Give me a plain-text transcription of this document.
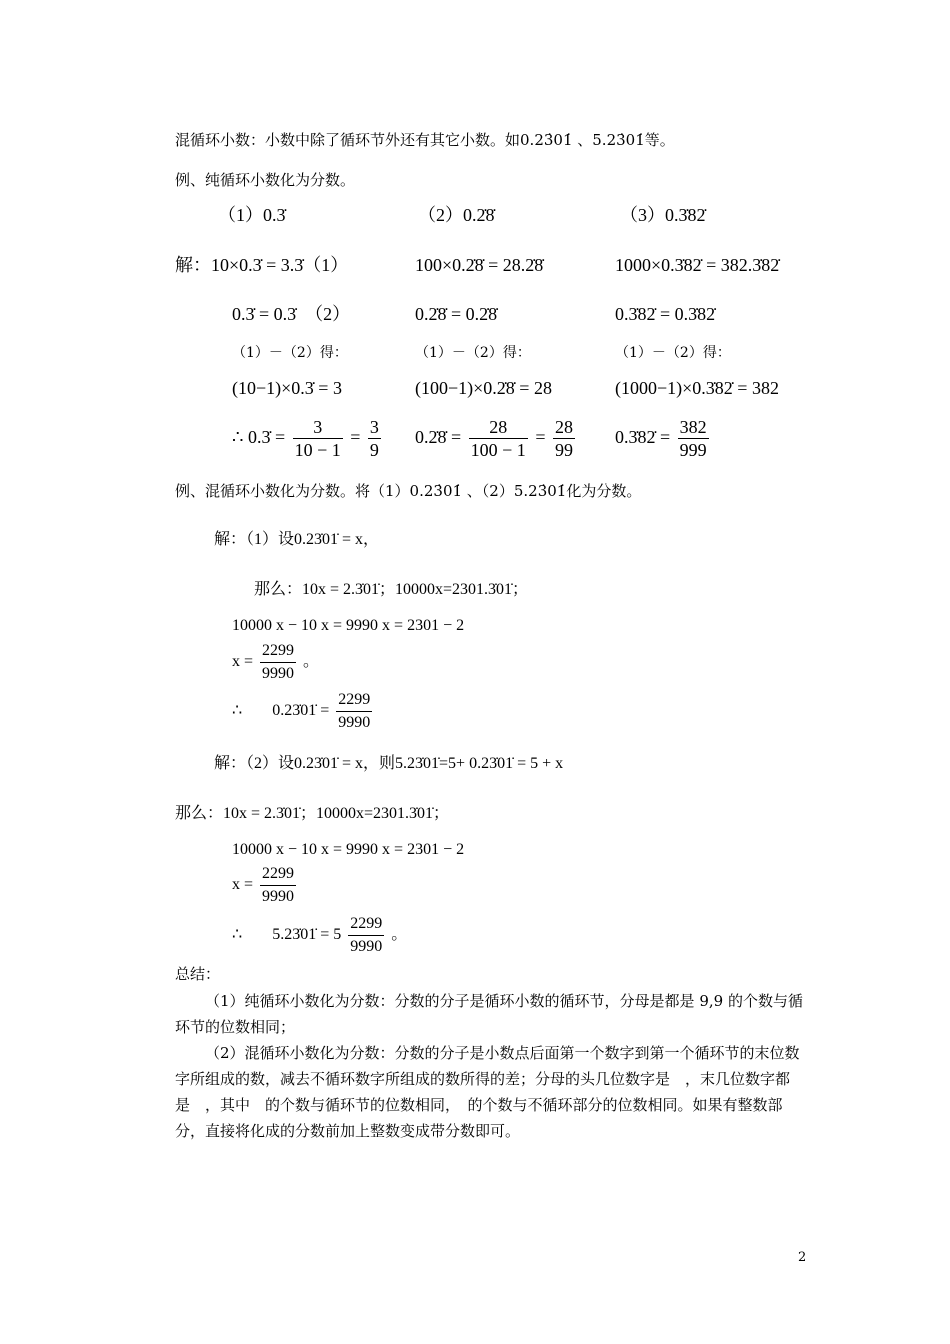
混循环小数：小数中除了循环节外还有其它小数。如0.23̇01̇ 、5.23̇01̇等。
例、纯循环小数化为分数。
（1）0.3̇	（2）0.2̇8̇	（3）0.3̇82̇
解：10×0.3̇ = 3.3̇（1）	100×0.2̇8̇ = 28.2̇8̇	1000×0.3̇82̇ = 382.3̇82̇
0.3̇ = 0.3̇　（2）	0.2̇8̇ = 0.2̇8̇	0.3̇82̇ = 0.3̇82̇
（1）－（2）得：	（1）－（2）得：	（1）－（2）得：
(10−1)×0.3̇ = 3	(100−1)×0.2̇8̇ = 28	(1000−1)×0.3̇82̇ = 382
∴ 0.3̇ = $\frac{3}{10 - 1} = \frac{3}{9}$ 0.2̇8̇ = $\frac{28}{100 - 1} = \frac{28}{99}$ 0.3̇82̇ = $\frac{382}{999}$
例、混循环小数化为分数。将（1）0.23̇01̇ 、（2）5.23̇01̇化为分数。
解：（1）设0.23̇01̇ = x，
那么：10x = 2.3̇01̇；10000x=2301.3̇01̇；
10000 x − 10 x = 9990 x = 2301 − 2
$x = \frac{2299}{9990}$ 。
∴ 0.23̇01̇ = $\frac{2299}{9990}$
解：（2）设0.23̇01̇ = x，则5.23̇01̇=5+ 0.23̇01̇ = 5 + x
那么：10x = 2.3̇01̇；10000x=2301.3̇01̇；
10000 x − 10 x = 9990 x = 2301 − 2
$x = \frac{2299}{9990}$
∴ 5.23̇01̇ = $5 \frac{2299}{9990}$ 。
总结：
（1）纯循环小数化为分数：分数的分子是循环小数的循环节，分母是都是 9,9 的个数与循环节的位数相同；
（2）混循环小数化为分数：分数的分子是小数点后面第一个数字到第一个循环节的末位数字所组成的数，减去不循环数字所组成的数所得的差；分母的头几位数字是　，末几位数字都是　，其中　的个数与循环节的位数相同，　的个数与不循环部分的位数相同。如果有整数部分，直接将化成的分数前加上整数变成带分数即可。
2
